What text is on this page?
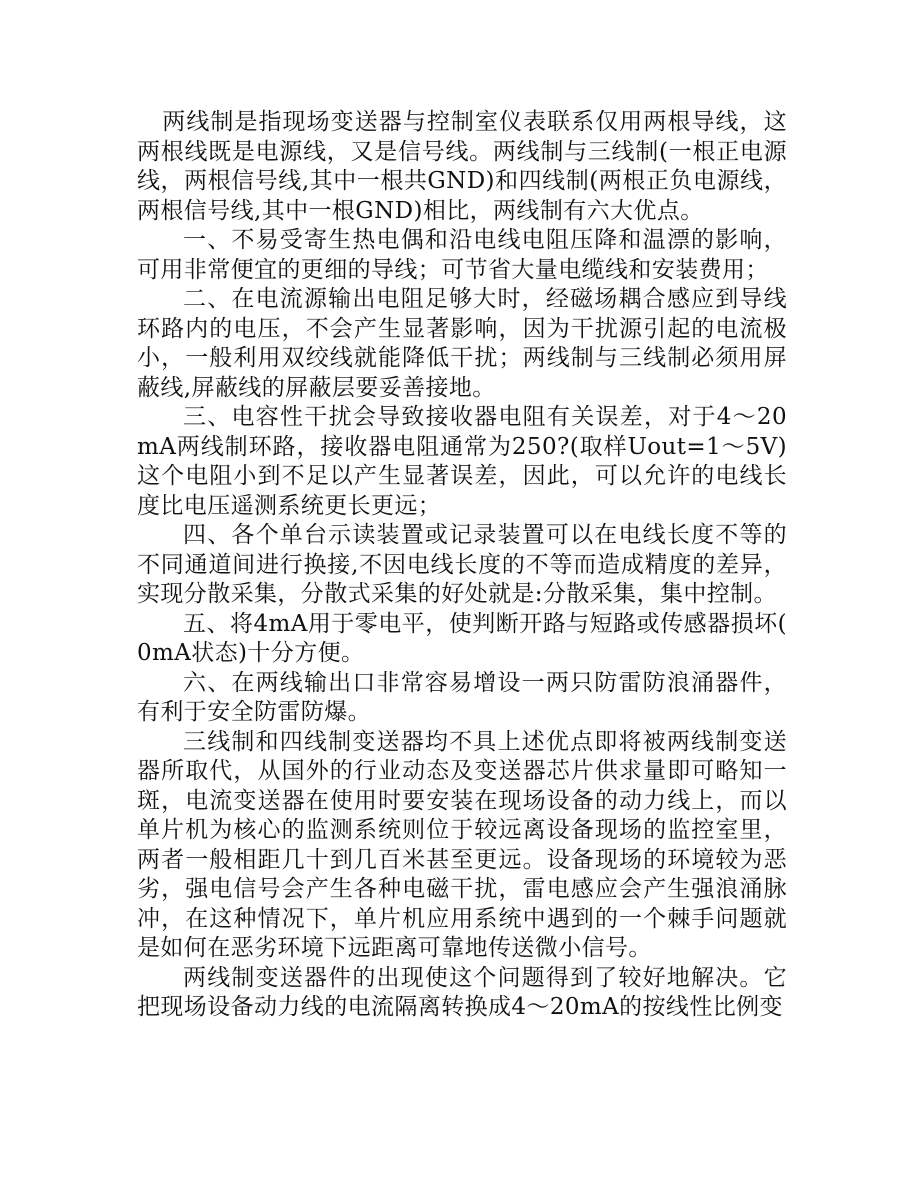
两线制是指现场变送器与控制室仪表联系仅用两根导线，这两根线既是电源线，又是信号线。两线制与三线制(一根正电源线，两根信号线,其中一根共GND)和四线制(两根正负电源线，两根信号线,其中一根GND)相比，两线制有六大优点。

一、不易受寄生热电偶和沿电线电阻压降和温漂的影响，可用非常便宜的更细的导线；可节省大量电缆线和安装费用；

二、在电流源输出电阻足够大时，经磁场耦合感应到导线环路内的电压，不会产生显著影响，因为干扰源引起的电流极小，一般利用双绞线就能降低干扰；两线制与三线制必须用屏蔽线,屏蔽线的屏蔽层要妥善接地。

三、电容性干扰会导致接收器电阻有关误差，对于4～20mA两线制环路，接收器电阻通常为250?(取样Uout=1～5V)这个电阻小到不足以产生显著误差，因此，可以允许的电线长度比电压遥测系统更长更远；

四、各个单台示读装置或记录装置可以在电线长度不等的不同通道间进行换接,不因电线长度的不等而造成精度的差异，实现分散采集，分散式采集的好处就是:分散采集，集中控制。

五、将4mA用于零电平，使判断开路与短路或传感器损坏(0mA状态)十分方便。

六、在两线输出口非常容易增设一两只防雷防浪涌器件，有利于安全防雷防爆。

三线制和四线制变送器均不具上述优点即将被两线制变送器所取代，从国外的行业动态及变送器芯片供求量即可略知一斑，电流变送器在使用时要安装在现场设备的动力线上，而以单片机为核心的监测系统则位于较远离设备现场的监控室里，两者一般相距几十到几百米甚至更远。设备现场的环境较为恶劣，强电信号会产生各种电磁干扰，雷电感应会产生强浪涌脉冲，在这种情况下，单片机应用系统中遇到的一个棘手问题就是如何在恶劣环境下远距离可靠地传送微小信号。

两线制变送器件的出现使这个问题得到了较好地解决。它把现场设备动力线的电流隔离转换成4～20mA的按线性比例变
